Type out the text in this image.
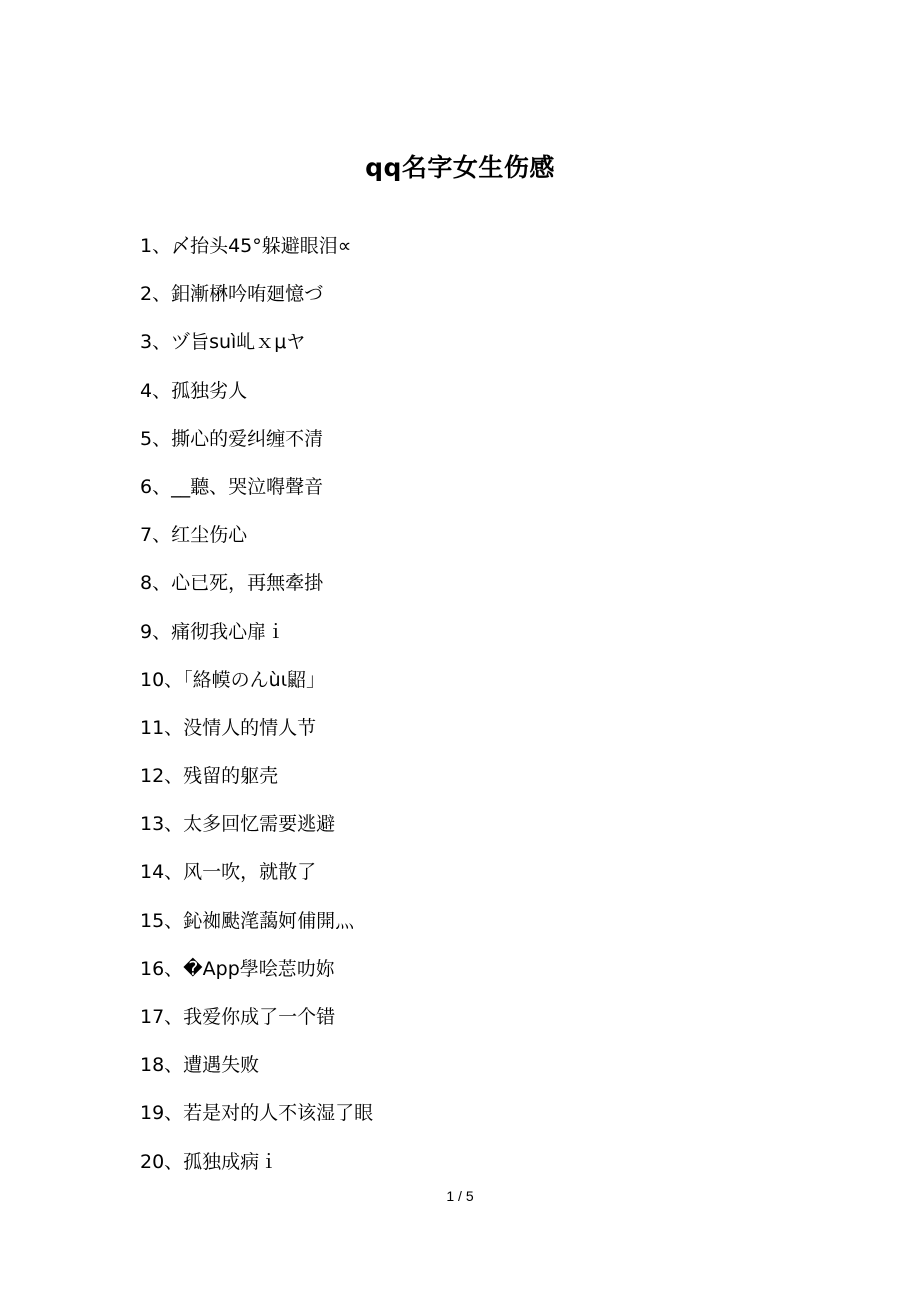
qq名字女生伤感
1、〆抬头45°躲避眼泪∝
2、鈤漸楙吟哊廻憶づ
3、ヅ旨suì乢ｘμヤ
4、孤独劣人
5、撕心的爱纠缠不清
6、__聽、哭泣嘚聲音
7、红尘伤心
8、心已死，再無牽掛
9、痛彻我心扉ｉ
10、「絡幙のんùι鼦」
11、没情人的情人节
12、残留的躯壳
13、太多回忆需要逃避
14、风一吹，就散了
15、鈊袽颫滗藹妸俌開灬
16、�App學哙莣叻妳
17、我爱你成了一个错
18、遭遇失败
19、若是对的人不该湿了眼
20、孤独成病ｉ
1 / 5
